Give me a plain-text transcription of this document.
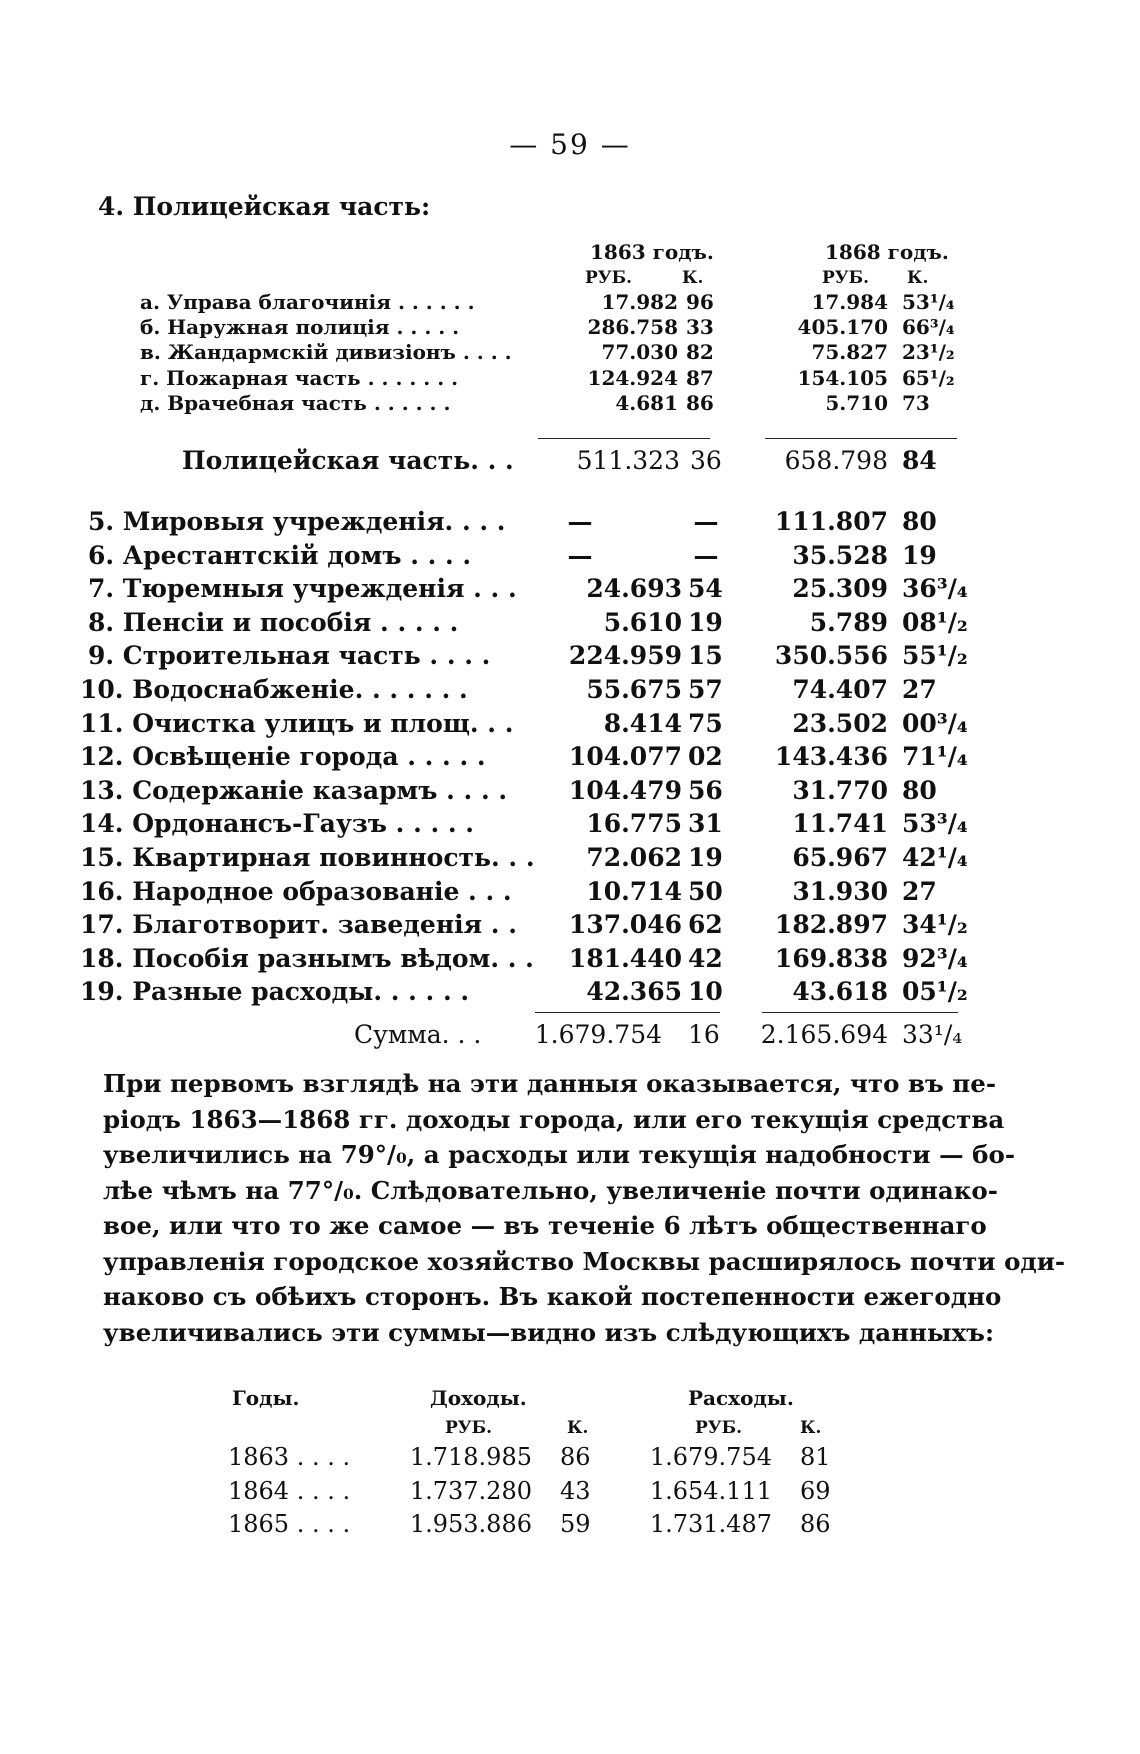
— 59 —
4. Полицейская часть:
1863 годъ.	1868 годъ.
РУБ.	К.	РУБ. К.
а. Управа благочинія . . . . . .	17.982 96	17.984 53¹/₄
б. Наружная полиція . . . . .	286.758 33	405.170 66³/₄
в. Жандармскій дивизіонъ . . . .	77.030 82	75.827 23¹/₂
г. Пожарная часть . . . . . . .	124.924 87	154.105 65¹/₂
д. Врачебная часть . . . . . .	4.681 86	5.710 73
Полицейская часть. . .	511.323 36	658.798 84
5. Мировыя учрежденія. . . .	—	—	111.807 80
6. Арестантскій домъ . . . .	—	—	35.528 19
7. Тюремныя учрежденія . . .	24.693 54	25.309 36³/₄
8. Пенсіи и пособія . . . . .	5.610 19	5.789 08¹/₂
9. Строительная часть . . . .	224.959 15	350.556 55¹/₂
10. Водоснабженіе. . . . . . .	55.675 57	74.407 27
11. Очистка улицъ и площ. . .	8.414 75	23.502 00³/₄
12. Освѣщеніе города . . . . .	104.077 02	143.436 71¹/₄
13. Содержаніе казармъ . . . .	104.479 56	31.770 80
14. Ордонансъ-Гаузъ . . . . .	16.775 31	11.741 53³/₄
15. Квартирная повинность. . .	72.062 19	65.967 42¹/₄
16. Народное образованіе . . .	10.714 50	31.930 27
17. Благотворит. заведенія . .	137.046 62	182.897 34¹/₂
18. Пособія разнымъ вѣдом. . .	181.440 42	169.838 92³/₄
19. Разные расходы. . . . . .	42.365 10	43.618 05¹/₂
Сумма. . .	1.679.754 16	2.165.694 33¹/₄
При первомъ взглядѣ на эти данныя оказывается, что въ пе-
ріодъ 1863—1868 гг. доходы города, или его текущія средства
увеличились на 79°/₀, а расходы или текущія надобности — бо-
лѣе чѣмъ на 77°/₀. Слѣдовательно, увеличеніе почти одинако-
вое, или что то же самое — въ теченіе 6 лѣтъ общественнаго
управленія городское хозяйство Москвы расширялось почти оди-
наково съ обѣихъ сторонъ. Въ какой постепенности ежегодно
увеличивались эти суммы—видно изъ слѣдующихъ данныхъ:
Годы.	Доходы.	Расходы.
РУБ.	К.	РУБ.	К.
1863 . . . .	1.718.985 86	1.679.754 81
1864 . . . .	1.737.280 43	1.654.111 69
1865 . . . .	1.953.886 59	1.731.487 86
